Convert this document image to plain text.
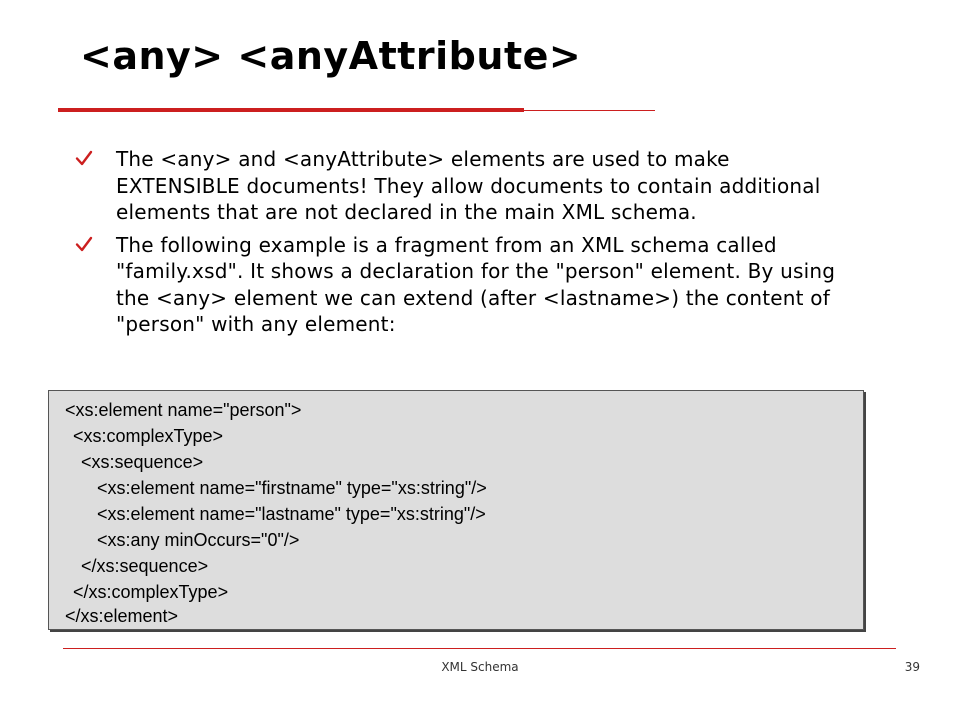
<any> <anyAttribute>
The <any> and <anyAttribute> elements are used to make EXTENSIBLE documents! They allow documents to contain additional elements that are not declared in the main XML schema.
The following example is a fragment from an XML schema called "family.xsd". It shows a declaration for the "person" element. By using the <any> element we can extend (after <lastname>) the content of "person" with any element:
<xs:element name="person">
<xs:complexType>
<xs:sequence>
<xs:element name="firstname" type="xs:string"/>
<xs:element name="lastname" type="xs:string"/>
<xs:any minOccurs="0"/>
</xs:sequence>
</xs:complexType>
</xs:element>
XML Schema	39
